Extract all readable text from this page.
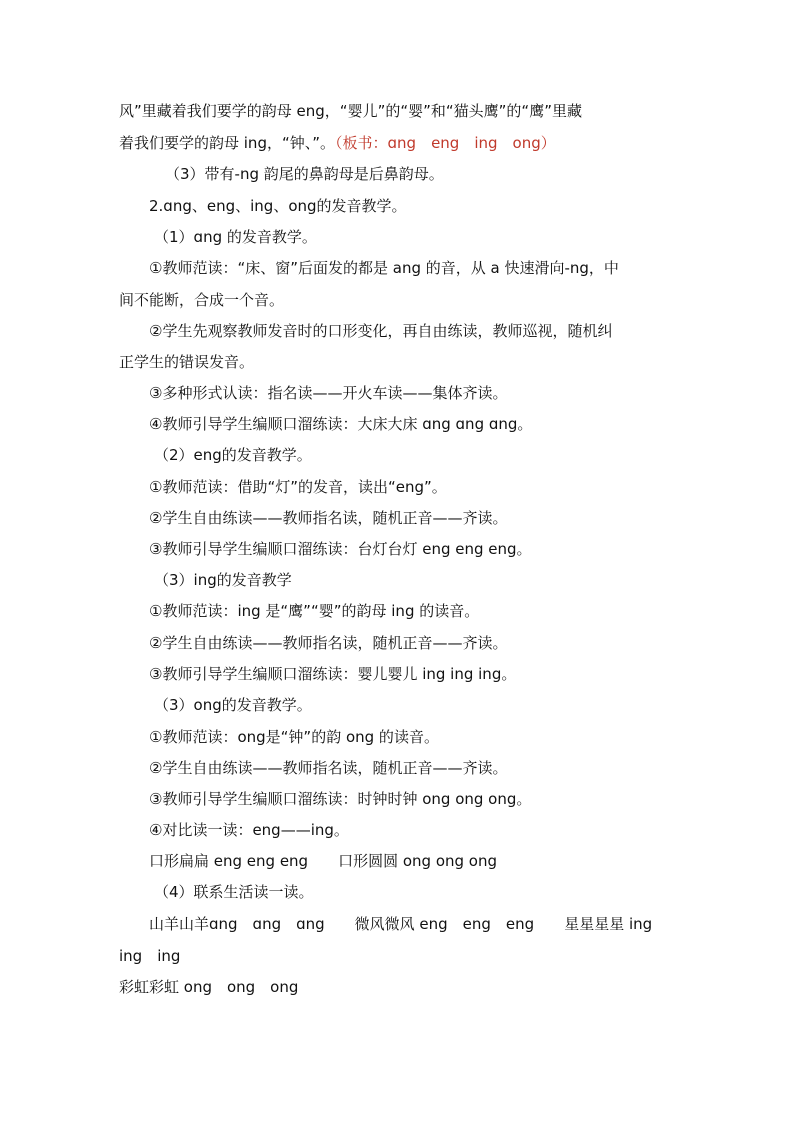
风”里藏着我们要学的韵母 eng，“婴儿”的“婴”和“猫头鹰”的“鹰”里藏
着我们要学的韵母 ing，“钟、”。（板书：ɑng　eng　ing　ong）
（3）带有-ng 韵尾的鼻韵母是后鼻韵母。
2.ɑng、eng、ing、ong的发音教学。
（1）ɑng 的发音教学。
①教师范读：“床、窗”后面发的都是 ang 的音，从 a 快速滑向-ng，中
间不能断，合成一个音。
②学生先观察教师发音时的口形变化，再自由练读，教师巡视，随机纠
正学生的错误发音。
③多种形式认读：指名读——开火车读——集体齐读。
④教师引导学生编顺口溜练读：大床大床 ɑng ɑng ɑng。
（2）eng的发音教学。
①教师范读：借助“灯”的发音，读出“eng”。
②学生自由练读——教师指名读，随机正音——齐读。
③教师引导学生编顺口溜练读：台灯台灯 eng eng eng。
（3）ing的发音教学
①教师范读：ing 是“鹰”“婴”的韵母 ing 的读音。
②学生自由练读——教师指名读，随机正音——齐读。
③教师引导学生编顺口溜练读：婴儿婴儿 ing ing ing。
（3）ong的发音教学。
①教师范读：ong是“钟”的韵 ong 的读音。
②学生自由练读——教师指名读，随机正音——齐读。
③教师引导学生编顺口溜练读：时钟时钟 ong ong ong。
④对比读一读：eng——ing。
口形扁扁 eng eng eng　　口形圆圆 ong ong ong
（4）联系生活读一读。
山羊山羊ɑng　ɑng　ɑng　　微风微风 eng　eng　eng　　星星星星 ing
ing　ing
彩虹彩虹 ong　ong　ong
